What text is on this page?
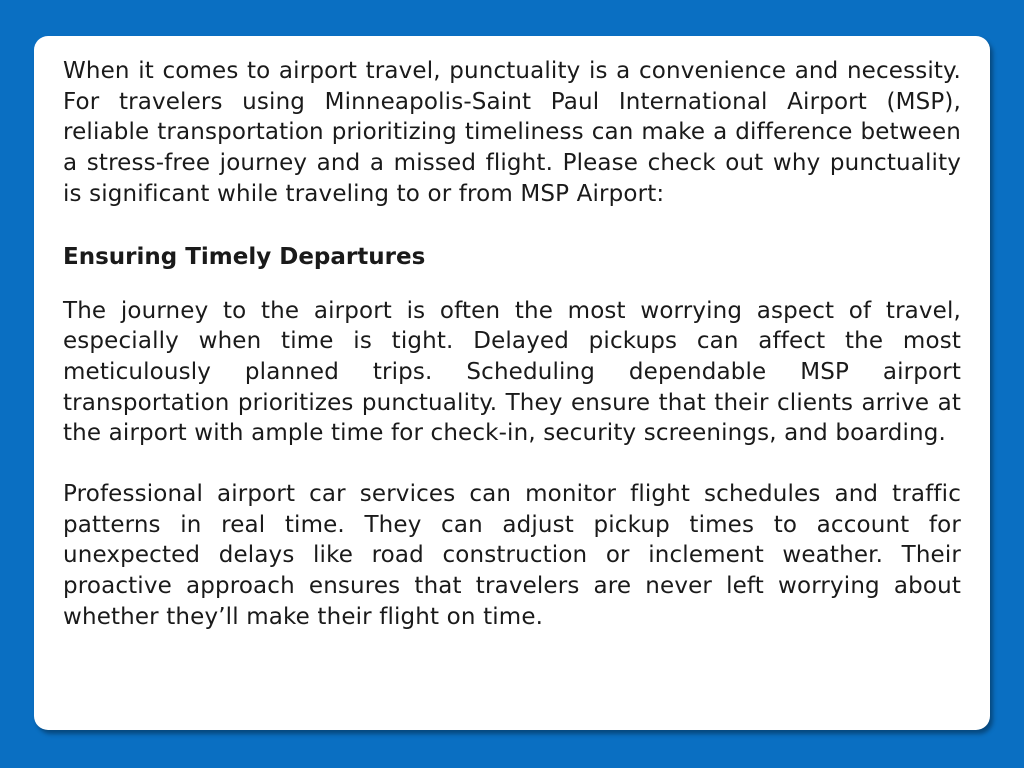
When it comes to airport travel, punctuality is a convenience and necessity. For travelers using Minneapolis-Saint Paul International Airport (MSP), reliable transportation prioritizing timeliness can make a difference between a stress-free journey and a missed flight. Please check out why punctuality is significant while traveling to or from MSP Airport:

Ensuring Timely Departures

The journey to the airport is often the most worrying aspect of travel, especially when time is tight. Delayed pickups can affect the most meticulously planned trips. Scheduling dependable MSP airport transportation prioritizes punctuality. They ensure that their clients arrive at the airport with ample time for check-in, security screenings, and boarding.

Professional airport car services can monitor flight schedules and traffic patterns in real time. They can adjust pickup times to account for unexpected delays like road construction or inclement weather. Their proactive approach ensures that travelers are never left worrying about whether they’ll make their flight on time.
